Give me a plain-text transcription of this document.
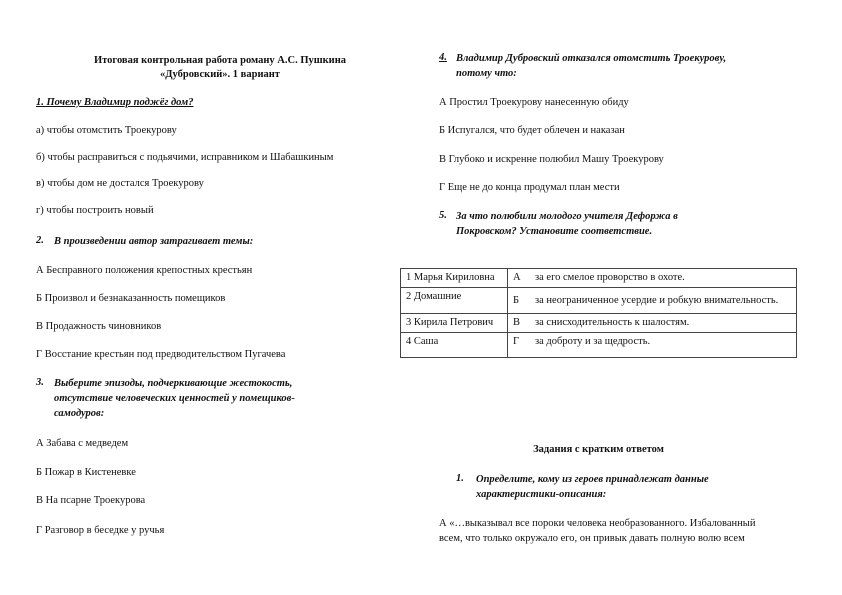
Итоговая контрольная работа роману А.С. Пушкина
«Дубровский». 1 вариант
1. Почему Владимир поджёг дом?
а) чтобы отомстить Троекурову
б) чтобы расправиться с подьячими, исправником и Шабашкиным
в) чтобы дом не достался Троекурову
г) чтобы построить новый
2. В произведении автор затрагивает темы:
А Бесправного положения крепостных крестьян
Б Произвол и безнаказанность помещиков
В Продажность чиновников
Г Восстание крестьян под предводительством Пугачева
3. Выберите эпизоды, подчеркивающие жестокость,
отсутствие человеческих ценностей у помещиков-
самодуров:
А Забава с медведем
Б Пожар в Кистеневке
В На псарне Троекурова
Г Разговор в беседке у ручья
4. Владимир Дубровский отказался отомстить Троекурову,
потому что:
А Простил Троекурову нанесенную обиду
Б Испугался, что будет облечен и наказан
В Глубоко и искренне полюбил Машу Троекурову
Г Еще не до конца продумал план мести
5. За что полюбили молодого учителя Дефоржа в
Покровском? Установите соответствие.
1 Марья Кириловна	А за его смелое проворство в охоте.
2 Домашние	Б за неограниченное усердие и робкую внимательность.
3 Кирила Петрович	В за снисходительность к шалостям.
4 Саша	Г за доброту и за щедрость.
Задания с кратким ответом
1. Определите, кому из героев принадлежат данные
характеристики-описания:
А «…выказывал все пороки человека необразованного. Избалованный
всем, что только окружало его, он привык давать полную волю всем
